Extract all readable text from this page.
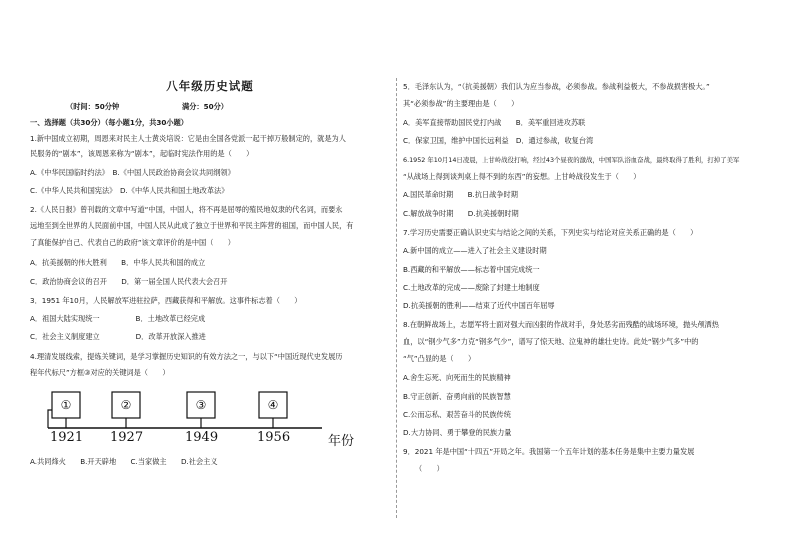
八年级历史试题
（时间：50分钟	满分：50分）
一、选择题（共30分）（每小题1分，共30小题）
1.新中国成立初期，周恩来对民主人士黄炎培说：它是由全国各党派一起干掉万般制定的，就是为人
民服务的“剧本”，该周恩来称为“剧本”，起临时宪法作用的是（　　）
A.《中华民国临时约法》　B.《中国人民政治协商会议共同纲领》
C.《中华人民共和国宪法》　D.《中华人民共和国土地改革法》
2.《人民日报》曾刊载的文章中写道“中国，中国人，将不再是屈辱的殖民地奴隶的代名词，而要永
远地至到全世界的人民面前中国，中国人民从此成了独立于世界和平民主阵营的祖国，而中国人民，有
了真能保护自己、代表自己的政府”该文章评价的是中国（　　）
A．抗美援朝的伟大胜利　　B．中华人民共和国的成立
C．政治协商会议的召开　　D．第一届全国人民代表大会召开
3．1951 年10月，人民解放军进驻拉萨，西藏获得和平解放。这事件标志着（　　）
A．祖国大陆实现统一　　　　　B．土地改革已经完成
C．社会主义制度建立　　　　　D．改革开放深入推进
4.理清发展线索，提炼关键词，是学习掌握历史知识的有效方法之一，与以下“中国近现代史发展历
程年代标尺”方框③对应的关键词是（　　）
①	②	③	④
1921 1927	1949	1956	年份
A.共同烽火　　B.开天辟地　　C.当家做主　　D.社会主义
5．毛泽东认为，“（抗美援朝）我们认为应当参战，必须参战。参战利益极大，不参战损害极大。”
其“必须参战”的主要理由是（　　）
A．美军直接帮助国民党打内战　　B．美军重回进攻苏联
C．保家卫国，维护中国长远利益　D．通过参战，收复台湾
6.1952 年10月14日凌晨，上甘岭战役打响，经过43个昼夜的激战，中国军队浴血奋战，最终取得了胜利，打掉了美军
“从战场上得到谈判桌上得不到的东西”的妄想。上甘岭战役发生于（　　）
A.国民革命时期　　B.抗日战争时期
C.解放战争时期　　D.抗美援朝时期
7.学习历史需要正确认识史实与结论之间的关系，下列史实与结论对应关系正确的是（　　）
A.新中国的成立——进入了社会主义建设时期
B.西藏的和平解放——标志着中国完成统一
C.土地改革的完成——废除了封建土地制度
D.抗美援朝的胜利——结束了近代中国百年屈辱
8.在朝鲜战场上，志愿军将士面对强大而凶狠的作战对手，身处恶劣而残酷的战场环境，抛头颅洒热
血，以“钢少气多”力克“钢多气少”，谱写了惊天地、泣鬼神的雄壮史诗。此处“钢少气多”中的
“气”凸显的是（　　）
A.舍生忘死、向死而生的民族精神
B.守正创新、奋勇向前的民族智慧
C.公而忘私、艰苦奋斗的民族传统
D.大力协同、勇于攀登的民族力量
9．2021 年是中国“十四五”开局之年。我国第一个五年计划的基本任务是集中主要力量发展
（　　）
